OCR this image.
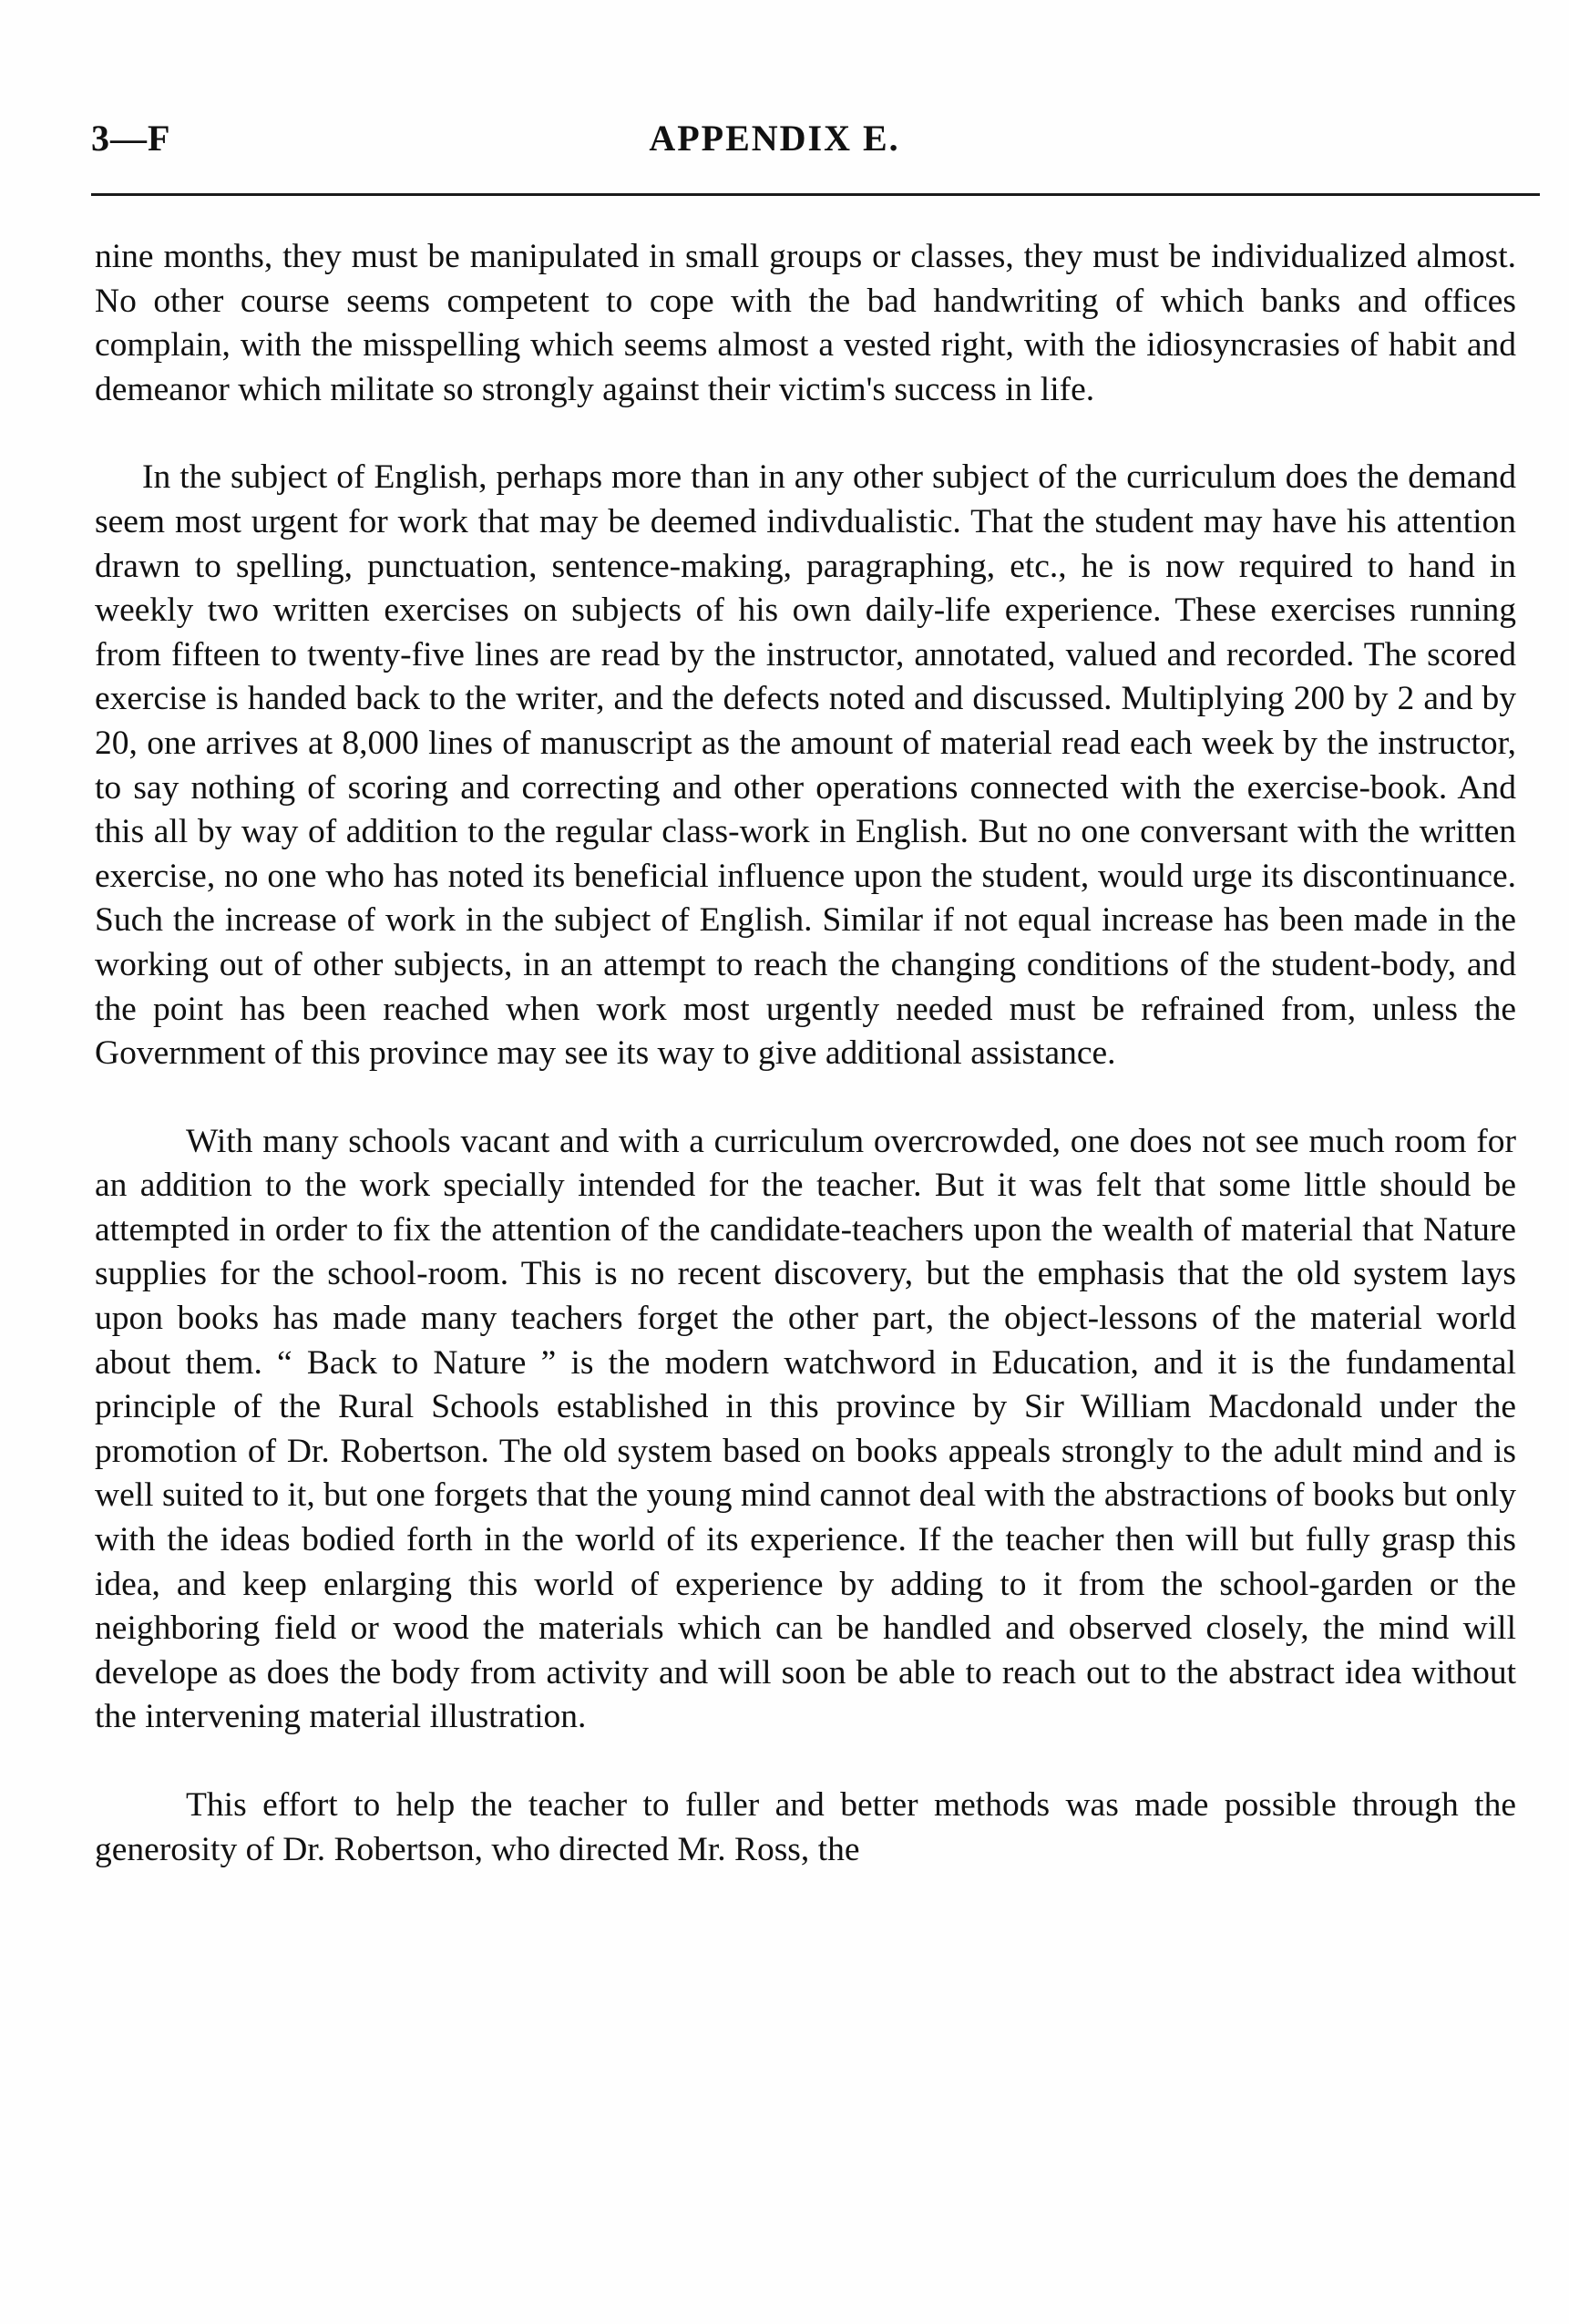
APPENDIX E.
3—F

nine months, they must be manipulated in small groups or classes, they must be individualized almost. No other course seems competent to cope with the bad handwriting of which banks and offices complain, with the misspelling which seems almost a vested right, with the idiosyncrasies of habit and demeanor which militate so strongly against their victim's success in life.

In the subject of English, perhaps more than in any other subject of the curriculum does the demand seem most urgent for work that may be deemed indivdualistic. That the student may have his attention drawn to spelling, punctuation, sentence-making, paragraphing, etc., he is now required to hand in weekly two written exercises on subjects of his own daily-life experience. These exercises running from fifteen to twenty-five lines are read by the instructor, annotated, valued and recorded. The scored exercise is handed back to the writer, and the defects noted and discussed. Multiplying 200 by 2 and by 20, one arrives at 8,000 lines of manuscript as the amount of material read each week by the instructor, to say nothing of scoring and correcting and other operations connected with the exercise-book. And this all by way of addition to the regular class-work in English. But no one conversant with the written exercise, no one who has noted its beneficial influence upon the student, would urge its discontinuance. Such the increase of work in the subject of English. Similar if not equal increase has been made in the working out of other subjects, in an attempt to reach the changing conditions of the student-body, and the point has been reached when work most urgently needed must be refrained from, unless the Government of this province may see its way to give additional assistance.

With many schools vacant and with a curriculum overcrowded, one does not see much room for an addition to the work specially intended for the teacher. But it was felt that some little should be attempted in order to fix the attention of the candidate-teachers upon the wealth of material that Nature supplies for the school-room. This is no recent discovery, but the emphasis that the old system lays upon books has made many teachers forget the other part, the object-lessons of the material world about them. “ Back to Nature ” is the modern watchword in Education, and it is the fundamental principle of the Rural Schools established in this province by Sir William Macdonald under the promotion of Dr. Robertson. The old system based on books appeals strongly to the adult mind and is well suited to it, but one forgets that the young mind cannot deal with the abstractions of books but only with the ideas bodied forth in the world of its experience. If the teacher then will but fully grasp this idea, and keep enlarging this world of experience by adding to it from the school-garden or the neighboring field or wood the materials which can be handled and observed closely, the mind will develope as does the body from activity and will soon be able to reach out to the abstract idea without the intervening material illustration.

This effort to help the teacher to fuller and better methods was made possible through the generosity of Dr. Robertson, who directed Mr. Ross, the
